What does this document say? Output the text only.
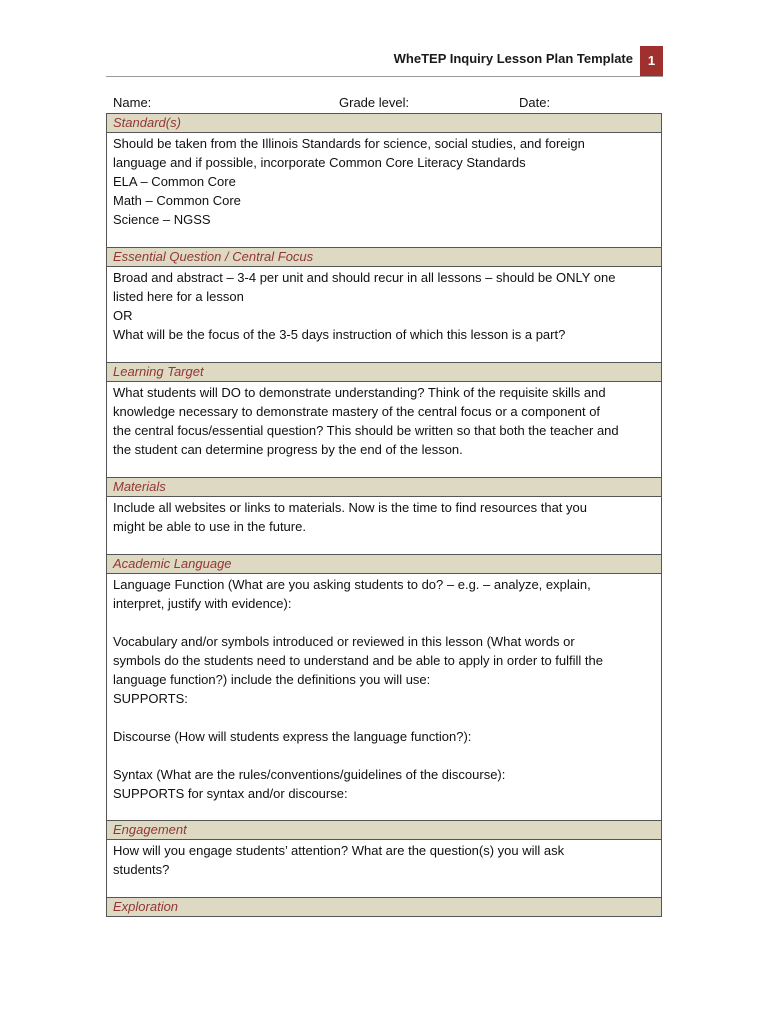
WheTEP Inquiry Lesson Plan Template	1
Name:	Grade level:	Date:
Standard(s)
Should be taken from the Illinois Standards for science, social studies, and foreign
language and if possible, incorporate Common Core Literacy Standards
ELA – Common Core
Math – Common Core
Science – NGSS
Essential Question / Central Focus
Broad and abstract – 3-4 per unit and should recur in all lessons – should be ONLY one
listed here for a lesson
OR
What will be the focus of the 3-5 days instruction of which this lesson is a part?
Learning Target
What students will DO to demonstrate understanding? Think of the requisite skills and
knowledge necessary to demonstrate mastery of the central focus or a component of
the central focus/essential question? This should be written so that both the teacher and
the student can determine progress by the end of the lesson.
Materials
Include all websites or links to materials. Now is the time to find resources that you
might be able to use in the future.
Academic Language
Language Function (What are you asking students to do? – e.g. – analyze, explain,
interpret, justify with evidence):
Vocabulary and/or symbols introduced or reviewed in this lesson (What words or
symbols do the students need to understand and be able to apply in order to fulfill the
language function?) include the definitions you will use:
SUPPORTS:
Discourse (How will students express the language function?):
Syntax (What are the rules/conventions/guidelines of the discourse):
SUPPORTS for syntax and/or discourse:
Engagement
How will you engage students’ attention? What are the question(s) you will ask
students?
Exploration
